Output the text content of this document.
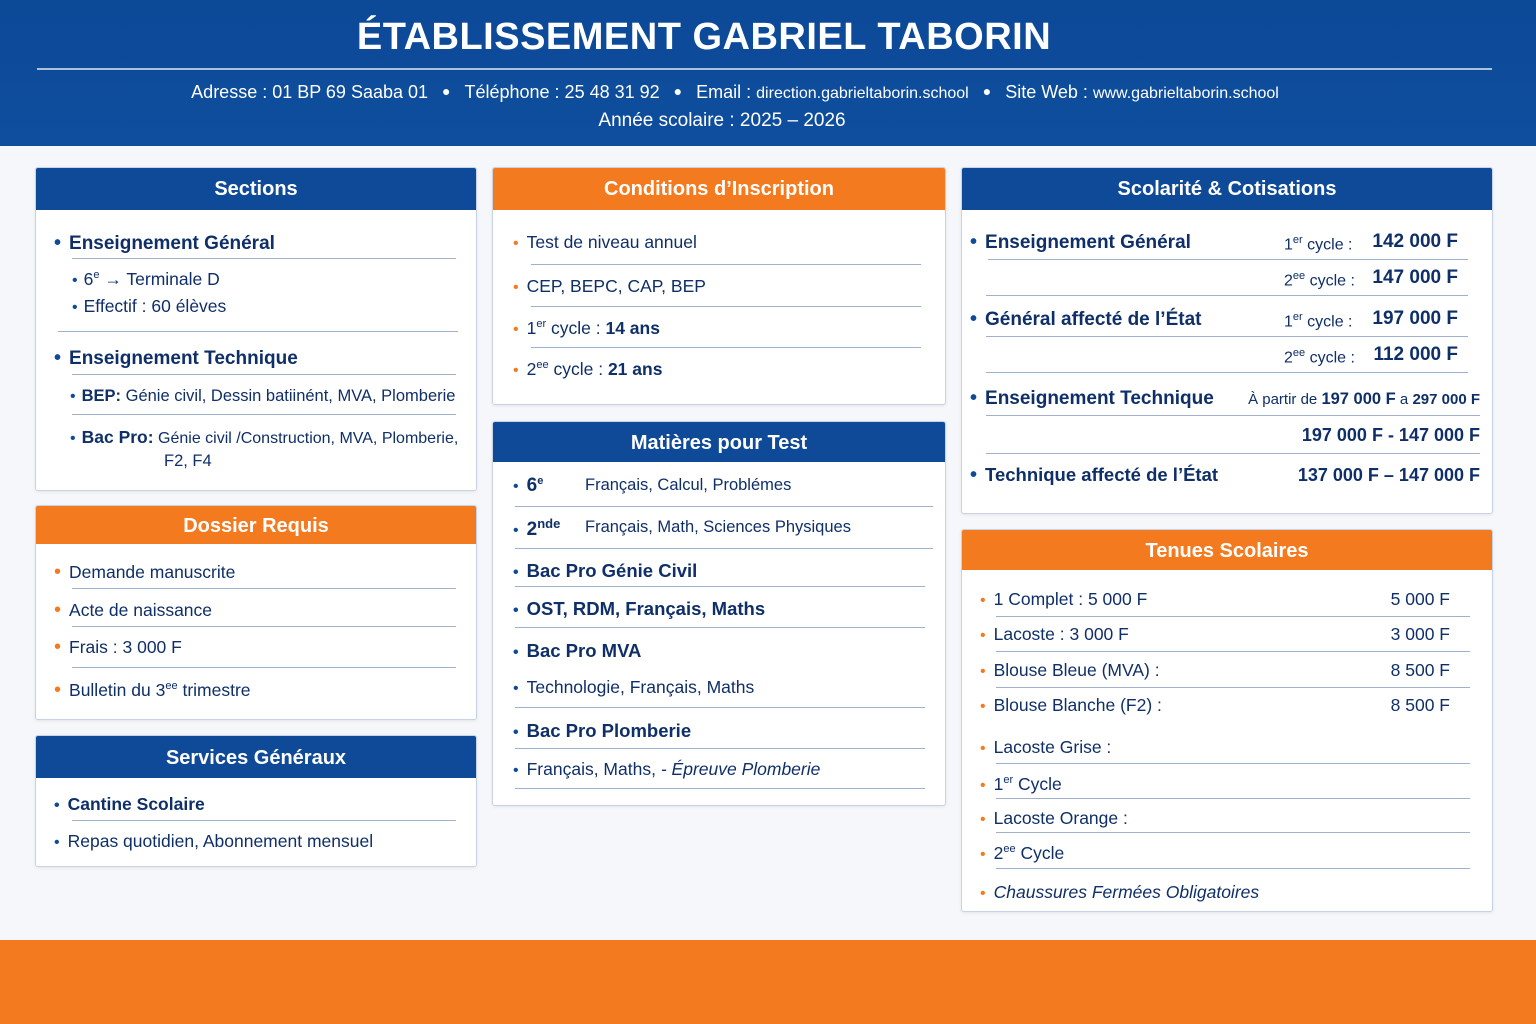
ÉTABLISSEMENT GABRIEL TABORIN
Adresse : 01 BP 69 Saaba 01 ● Téléphone : 25 48 31 92 ● Email : direction.gabrieltaborin.school ● Site Web : www.gabrieltaborin.school
Année scolaire : 2025 – 2026
Sections
• Enseignement Général
• $6^e$ → Terminale D
• Effectif : 60 élèves
• Enseignement Technique
• BEP: Génie civil, Dessin batiinént, MVA, Plomberie
• Bac Pro: Génie civil /Construction, MVA, Plomberie,
F2, F4
Dossier Requis
• Demande manuscrite
• Acte de naissance
• Frais : 3 000 F
• Bulletin du $3^{ee}$ trimestre
Services Généraux
• Cantine Scolaire
• Repas quotidien, Abonnement mensuel
Conditions d’Inscription
• Test de niveau annuel
• CEP, BEPC, CAP, BEP
• 1er cycle : 14 ans
• $2^{ee}$ cycle : 21 ans
Matières pour Test
• 6e	Français, Calcul, Problémes
• 2nde Français, Math, Sciences Physiques
• Bac Pro Génie Civil
• OST, RDM, Français, Maths
• Bac Pro MVA
• Technologie, Français, Maths
• Bac Pro Plomberie
• Français, Maths, - Épreuve Plomberie
Scolarité & Cotisations
• Enseignement Général	1er cycle :	142 000 F
$2^{ee}$ cycle : 147 000 F
• Général affecté de l’État	1er cycle :	197 000 F
$2^{ee}$ cycle : 112 000 F
• Enseignement Technique	À partir de 197 000 F a 297 000 F
197 000 F - 147 000 F
• Technique affecté de l’État	137 000 F – 147 000 F
Tenues Scolaires
• 1 Complet : 5 000 F	5 000 F
• Lacoste : 3 000 F	3 000 F
• Blouse Bleue (MVA) :	8 500 F
• Blouse Blanche (F2) :	8 500 F
• Lacoste Grise :
• 1er Cycle
• Lacoste Orange :
• $2^{ee}$ Cycle
• Chaussures Fermées Obligatoires
